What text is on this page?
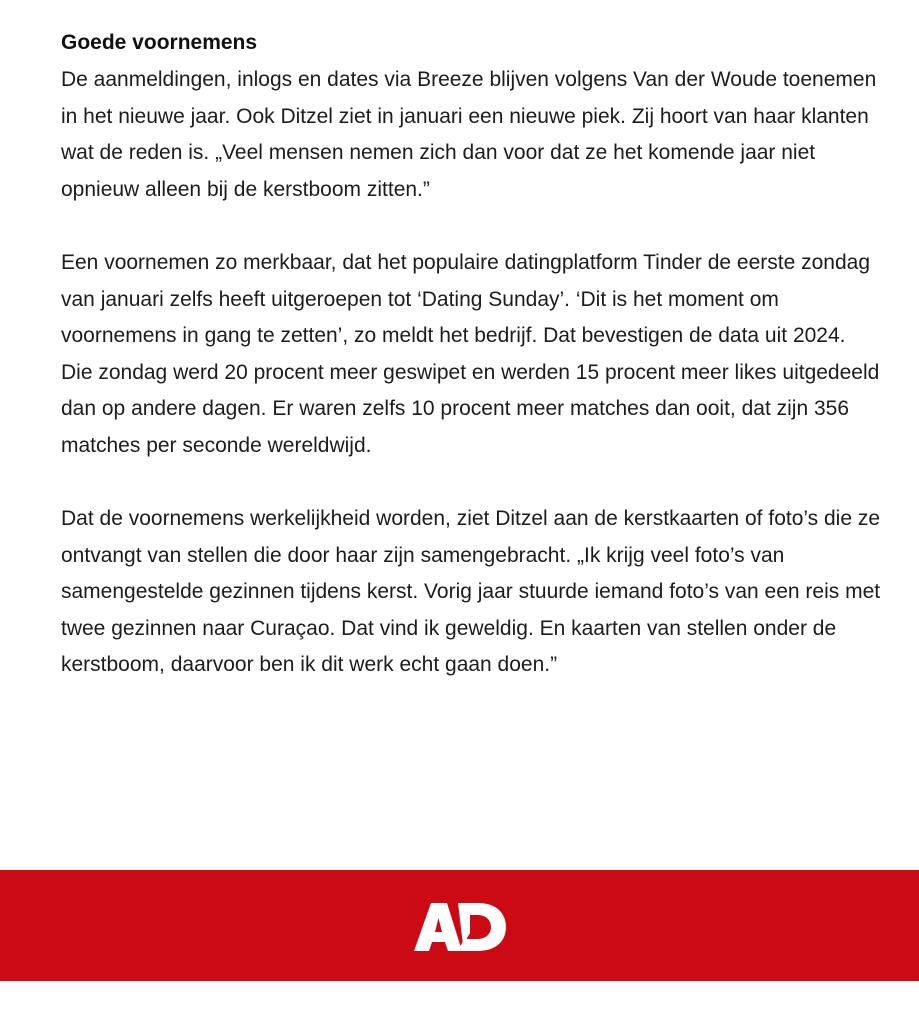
Goede voornemens

De aanmeldingen, inlogs en dates via Breeze blijven volgens Van der Woude toenemen in het nieuwe jaar. Ook Ditzel ziet in januari een nieuwe piek. Zij hoort van haar klanten wat de reden is. „Veel mensen nemen zich dan voor dat ze het komende jaar niet opnieuw alleen bij de kerstboom zitten.”

Een voornemen zo merkbaar, dat het populaire datingplatform Tinder de eerste zondag van januari zelfs heeft uitgeroepen tot ‘Dating Sunday’. ‘Dit is het moment om voornemens in gang te zetten’, zo meldt het bedrijf. Dat bevestigen de data uit 2024. Die zondag werd 20 procent meer geswipet en werden 15 procent meer likes uitgedeeld dan op andere dagen. Er waren zelfs 10 procent meer matches dan ooit, dat zijn 356 matches per seconde wereldwijd.

Dat de voornemens werkelijkheid worden, ziet Ditzel aan de kerstkaarten of foto’s die ze ontvangt van stellen die door haar zijn samengebracht. „Ik krijg veel foto’s van samengestelde gezinnen tijdens kerst. Vorig jaar stuurde iemand foto’s van een reis met twee gezinnen naar Curaçao. Dat vind ik geweldig. En kaarten van stellen onder de kerstboom, daarvoor ben ik dit werk echt gaan doen.”
